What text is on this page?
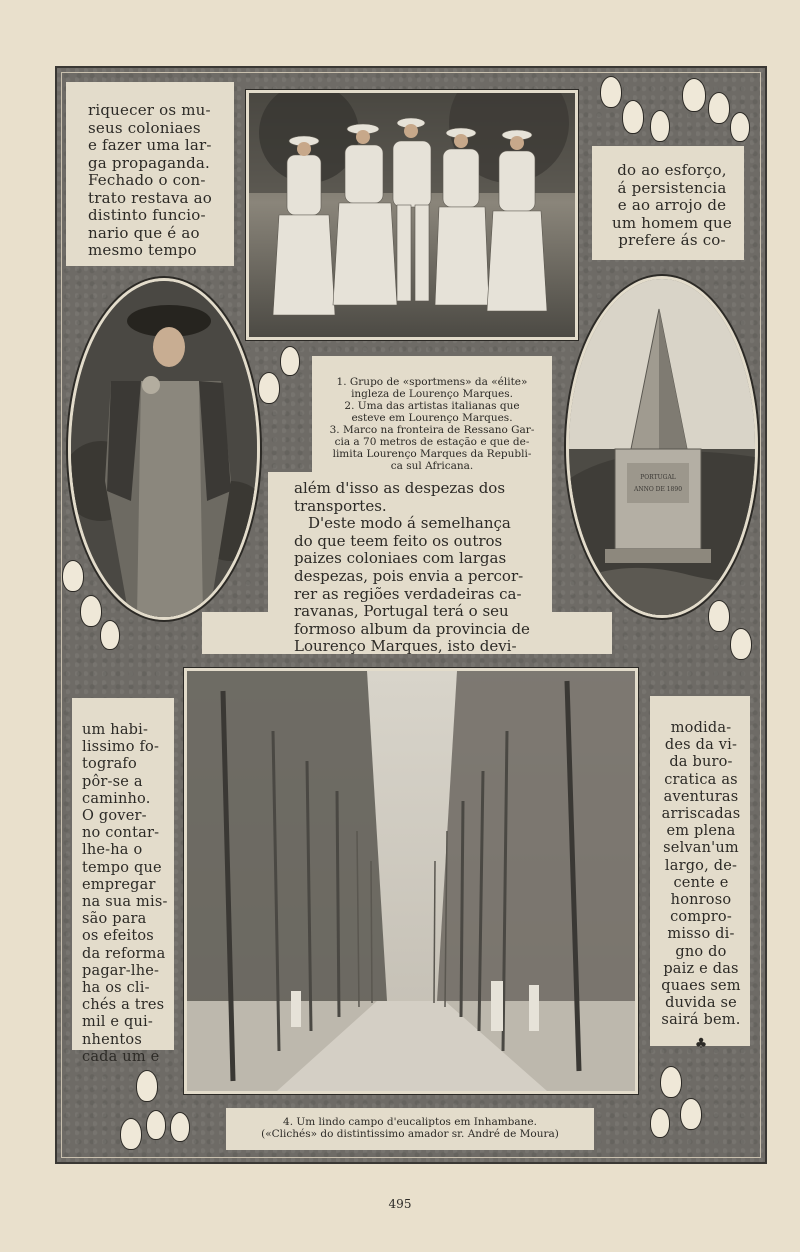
riquecer os mu-

seus coloniaes

e fazer uma lar-

ga propaganda.

Fechado o con-

trato restava ao

distinto funcio-

nario que é ao

mesmo tempo

do ao esforço,

á persistencia

e ao arrojo de

um homem que

prefere ás co-

1. Grupo de «sportmens» da «élite»

ingleza de Lourenço Marques.

2. Uma das artistas italianas que

esteve em Lourenço Marques.

3. Marco na fronteira de Ressano Gar-

cia a 70 metros de estação e que de-

limita Lourenço Marques da Republi-

ca sul Africana.

além d'isso as despezas dos

transportes.

D'este modo á semelhança

do que teem feito os outros

paizes coloniaes com largas

despezas, pois envia a percor-

rer as regiões verdadeiras ca-

ravanas, Portugal terá o seu

formoso album da provincia de

Lourenço Marques, isto devi-

PORTUGAL
ANNO DE 1890

um habi-

lissimo fo-

tografo

pôr-se a

caminho.

O gover-

no contar-

lhe-ha o

tempo que

empregar

na sua mis-

são para

os efeitos

da reforma

pagar-lhe-

ha os cli-

chés a tres

mil e qui-

nhentos

cada um e

modida-

des da vi-

da buro-

cratica as

aventuras

arriscadas

em plena

selvan'um

largo, de-

cente e

honroso

compro-

misso di-

gno do

paiz e das

quaes sem

duvida se

sairá bem.

♣

4. Um lindo campo d'eucaliptos em Inhambane.

(«Clichés» do distintissimo amador sr. André de Moura)

495
